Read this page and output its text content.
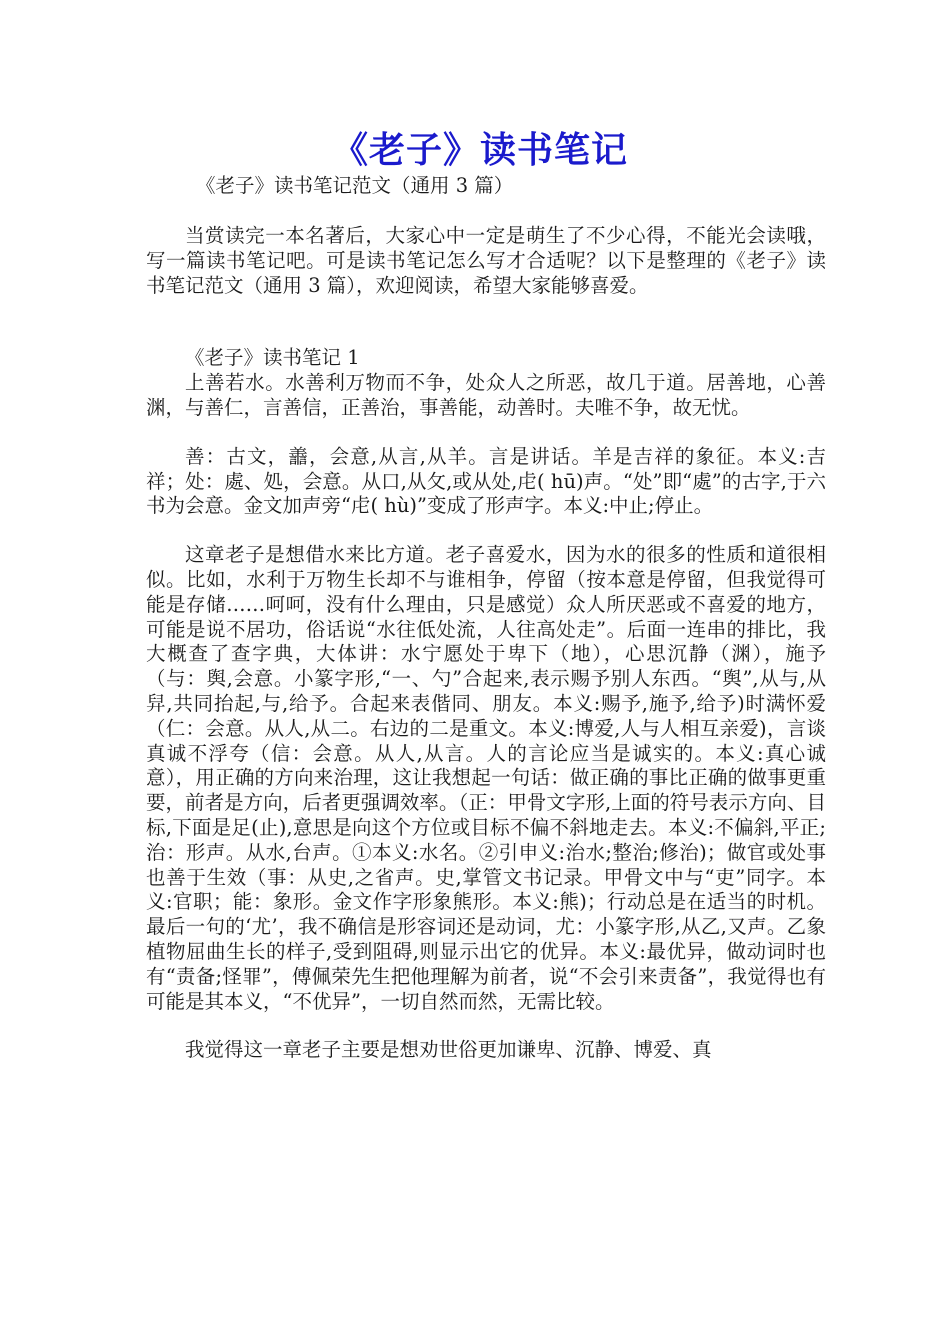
《老子》读书笔记
《老子》读书笔记范文（通用 3 篇）

当赏读完一本名著后，大家心中一定是萌生了不少心得，不能光会读哦，写一篇读书笔记吧。可是读书笔记怎么写才合适呢？以下是整理的《老子》读书笔记范文（通用 3 篇），欢迎阅读，希望大家能够喜爱。

《老子》读书笔记 1

上善若水。水善利万物而不争，处众人之所恶，故几于道。居善地，心善渊，与善仁，言善信，正善治，事善能，动善时。夫唯不争，故无忧。

善：古文，譱，会意,从言,从羊。言是讲话。羊是吉祥的象征。本义:吉祥；处：處、処，会意。从口,从攵,或从处,虍( hū)声。“处”即“處”的古字,于六书为会意。金文加声旁“虍( hù)”变成了形声字。本义:中止;停止。

这章老子是想借水来比方道。老子喜爱水，因为水的很多的性质和道很相似。比如，水利于万物生长却不与谁相争，停留（按本意是停留，但我觉得可能是存储……呵呵，没有什么理由，只是感觉）众人所厌恶或不喜爱的地方，可能是说不居功，俗话说“水往低处流，人往高处走”。后面一连串的排比，我大概查了查字典，大体讲：水宁愿处于卑下（地），心思沉静（渊），施予（与：舆,会意。小篆字形,“一、勺”合起来,表示赐予别人东西。“舆”,从与,从舁,共同抬起,与,给予。合起来表偕同、朋友。本义:赐予,施予,给予)时满怀爱（仁：会意。从人,从二。右边的二是重文。本义:博爱,人与人相互亲爱)，言谈真诚不浮夸（信：会意。从人,从言。人的言论应当是诚实的。本义:真心诚意），用正确的方向来治理，这让我想起一句话：做正确的事比正确的做事更重要，前者是方向，后者更强调效率。（正：甲骨文字形,上面的符号表示方向、目标,下面是足(止),意思是向这个方位或目标不偏不斜地走去。本义:不偏斜,平正;治：形声。从水,台声。①本义:水名。②引申义:治水;整治;修治)；做官或处事也善于生效（事：从史,之省声。史,掌管文书记录。甲骨文中与“吏”同字。本义:官职；能：象形。金文作字形象熊形。本义:熊)；行动总是在适当的时机。最后一句的‘尤’，我不确信是形容词还是动词，尤：小篆字形,从乙,又声。乙象植物屈曲生长的样子,受到阻碍,则显示出它的优异。本义:最优异，做动词时也有“责备;怪罪”，傅佩荣先生把他理解为前者，说“不会引来责备”，我觉得也有可能是其本义，“不优异”，一切自然而然，无需比较。

我觉得这一章老子主要是想劝世俗更加谦卑、沉静、博爱、真
